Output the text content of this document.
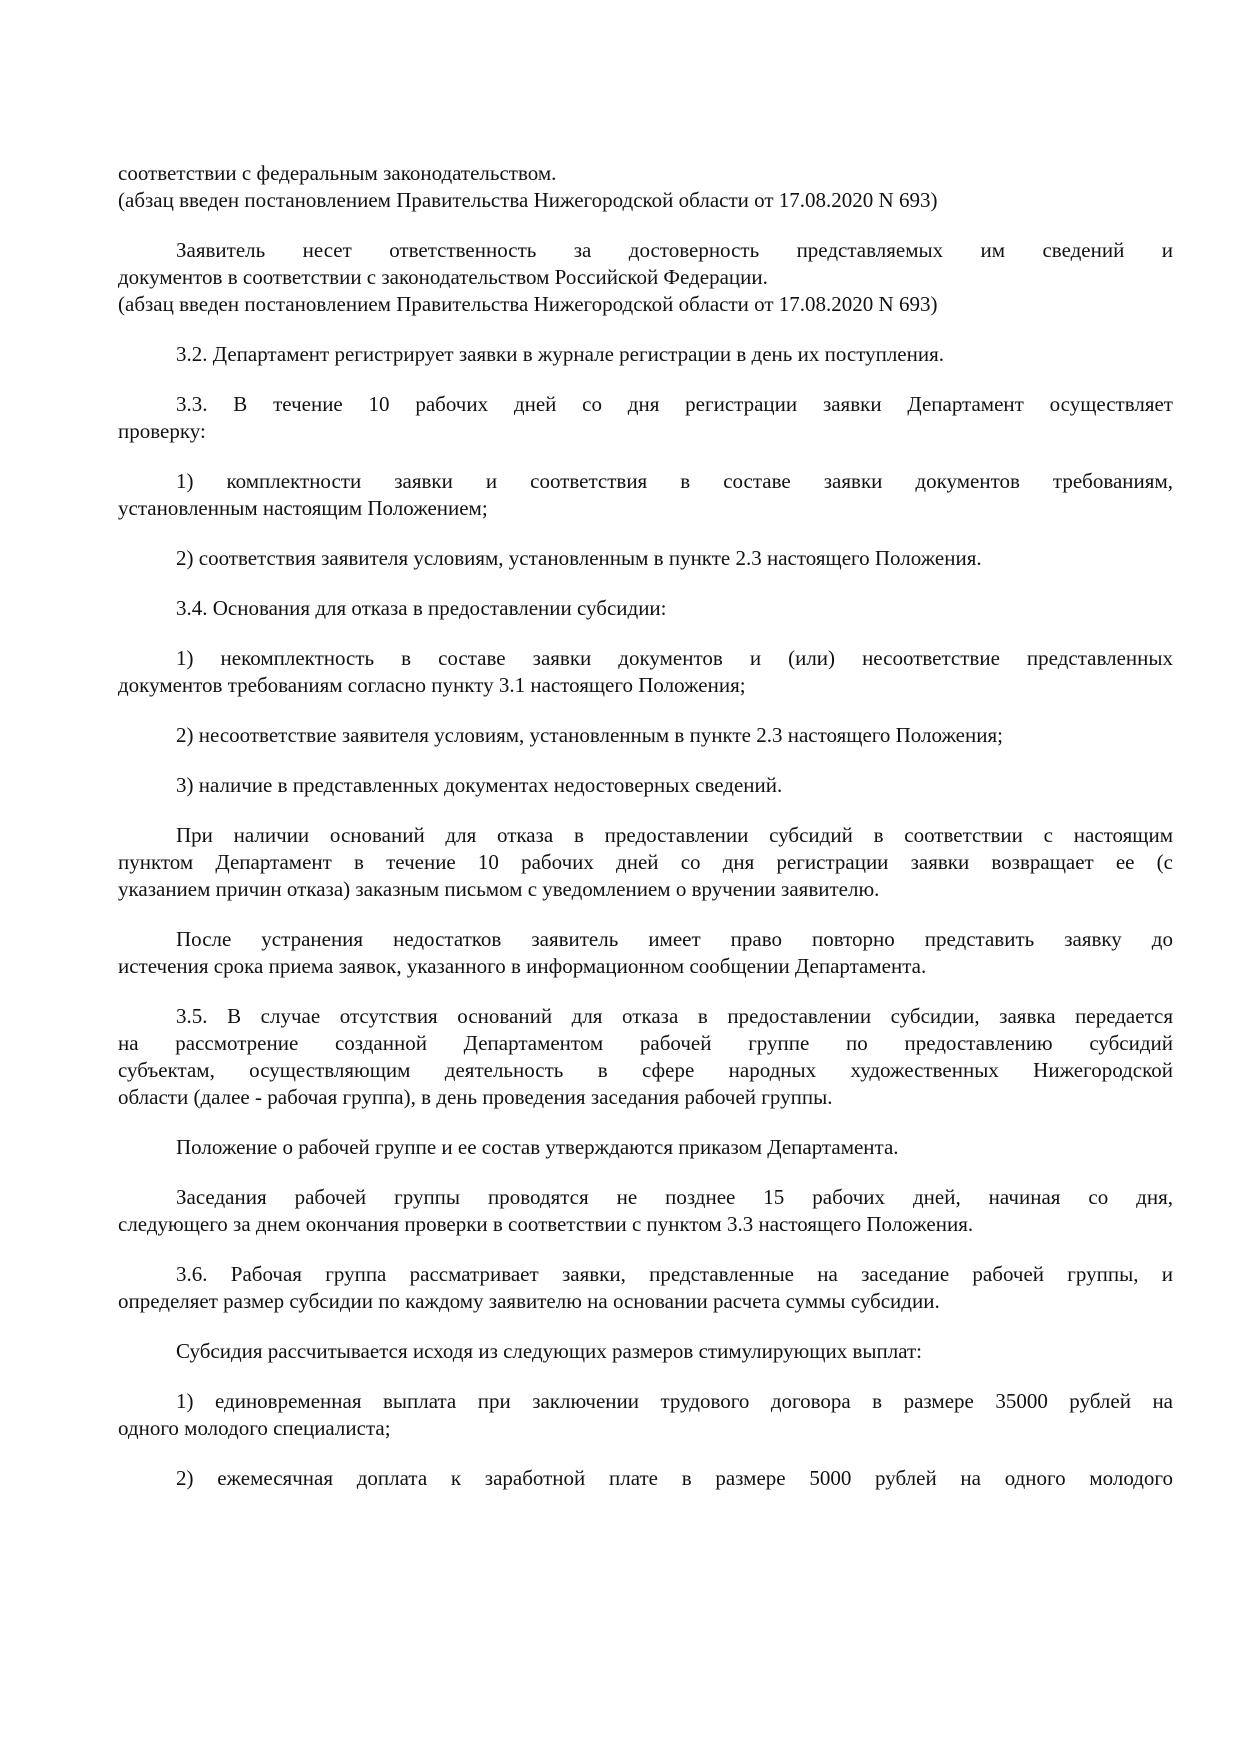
соответствии с федеральным законодательством.
(абзац введен постановлением Правительства Нижегородской области от 17.08.2020 N 693)
Заявитель несет ответственность за достоверность представляемых им сведений и
документов в соответствии с законодательством Российской Федерации.
(абзац введен постановлением Правительства Нижегородской области от 17.08.2020 N 693)
3.2. Департамент регистрирует заявки в журнале регистрации в день их поступления.
3.3. В течение 10 рабочих дней со дня регистрации заявки Департамент осуществляет
проверку:
1) комплектности заявки и соответствия в составе заявки документов требованиям,
установленным настоящим Положением;
2) соответствия заявителя условиям, установленным в пункте 2.3 настоящего Положения.
3.4. Основания для отказа в предоставлении субсидии:
1) некомплектность в составе заявки документов и (или) несоответствие представленных
документов требованиям согласно пункту 3.1 настоящего Положения;
2) несоответствие заявителя условиям, установленным в пункте 2.3 настоящего Положения;
3) наличие в представленных документах недостоверных сведений.
При наличии оснований для отказа в предоставлении субсидий в соответствии с настоящим
пунктом Департамент в течение 10 рабочих дней со дня регистрации заявки возвращает ее (с
указанием причин отказа) заказным письмом с уведомлением о вручении заявителю.
После устранения недостатков заявитель имеет право повторно представить заявку до
истечения срока приема заявок, указанного в информационном сообщении Департамента.
3.5. В случае отсутствия оснований для отказа в предоставлении субсидии, заявка передается
на рассмотрение созданной Департаментом рабочей группе по предоставлению субсидий
субъектам, осуществляющим деятельность в сфере народных художественных Нижегородской
области (далее - рабочая группа), в день проведения заседания рабочей группы.
Положение о рабочей группе и ее состав утверждаются приказом Департамента.
Заседания рабочей группы проводятся не позднее 15 рабочих дней, начиная со дня,
следующего за днем окончания проверки в соответствии с пунктом 3.3 настоящего Положения.
3.6. Рабочая группа рассматривает заявки, представленные на заседание рабочей группы, и
определяет размер субсидии по каждому заявителю на основании расчета суммы субсидии.
Субсидия рассчитывается исходя из следующих размеров стимулирующих выплат:
1) единовременная выплата при заключении трудового договора в размере 35000 рублей на
одного молодого специалиста;
2) ежемесячная доплата к заработной плате в размере 5000 рублей на одного молодого
